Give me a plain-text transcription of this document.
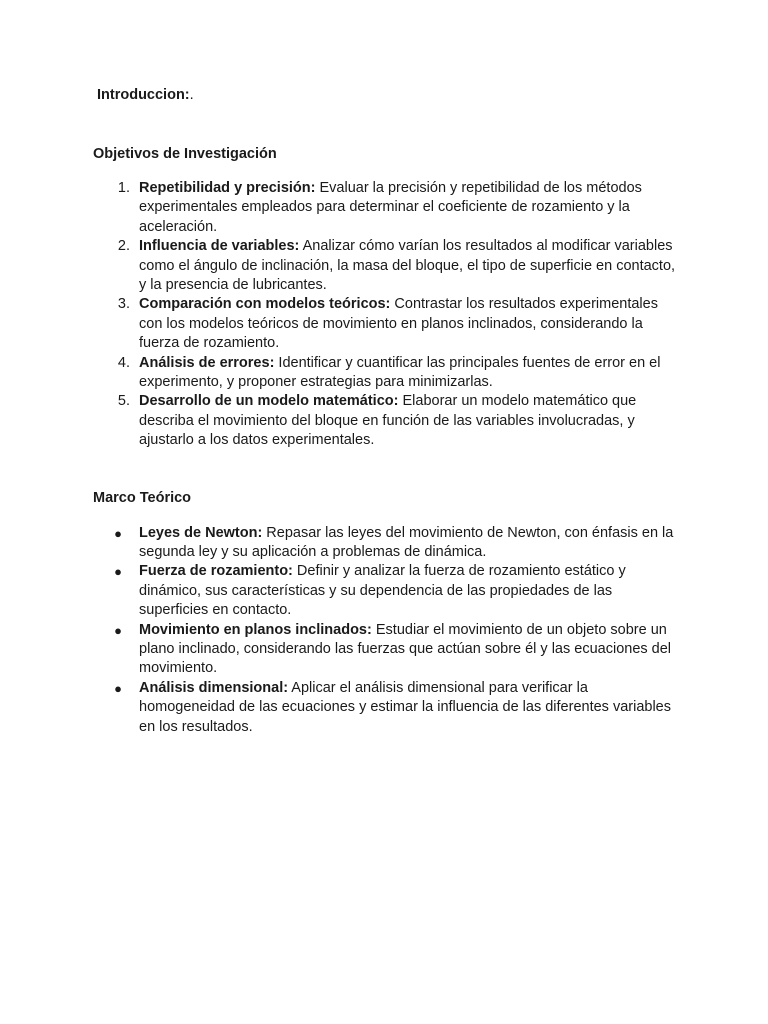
Introduccion:.
Objetivos de Investigación
1. Repetibilidad y precisión: Evaluar la precisión y repetibilidad de los métodos experimentales empleados para determinar el coeficiente de rozamiento y la aceleración.
2. Influencia de variables: Analizar cómo varían los resultados al modificar variables como el ángulo de inclinación, la masa del bloque, el tipo de superficie en contacto, y la presencia de lubricantes.
3. Comparación con modelos teóricos: Contrastar los resultados experimentales con los modelos teóricos de movimiento en planos inclinados, considerando la fuerza de rozamiento.
4. Análisis de errores: Identificar y cuantificar las principales fuentes de error en el experimento, y proponer estrategias para minimizarlas.
5. Desarrollo de un modelo matemático: Elaborar un modelo matemático que describa el movimiento del bloque en función de las variables involucradas, y ajustarlo a los datos experimentales.
Marco Teórico
● Leyes de Newton: Repasar las leyes del movimiento de Newton, con énfasis en la segunda ley y su aplicación a problemas de dinámica.
● Fuerza de rozamiento: Definir y analizar la fuerza de rozamiento estático y dinámico, sus características y su dependencia de las propiedades de las superficies en contacto.
● Movimiento en planos inclinados: Estudiar el movimiento de un objeto sobre un plano inclinado, considerando las fuerzas que actúan sobre él y las ecuaciones del movimiento.
● Análisis dimensional: Aplicar el análisis dimensional para verificar la homogeneidad de las ecuaciones y estimar la influencia de las diferentes variables en los resultados.
